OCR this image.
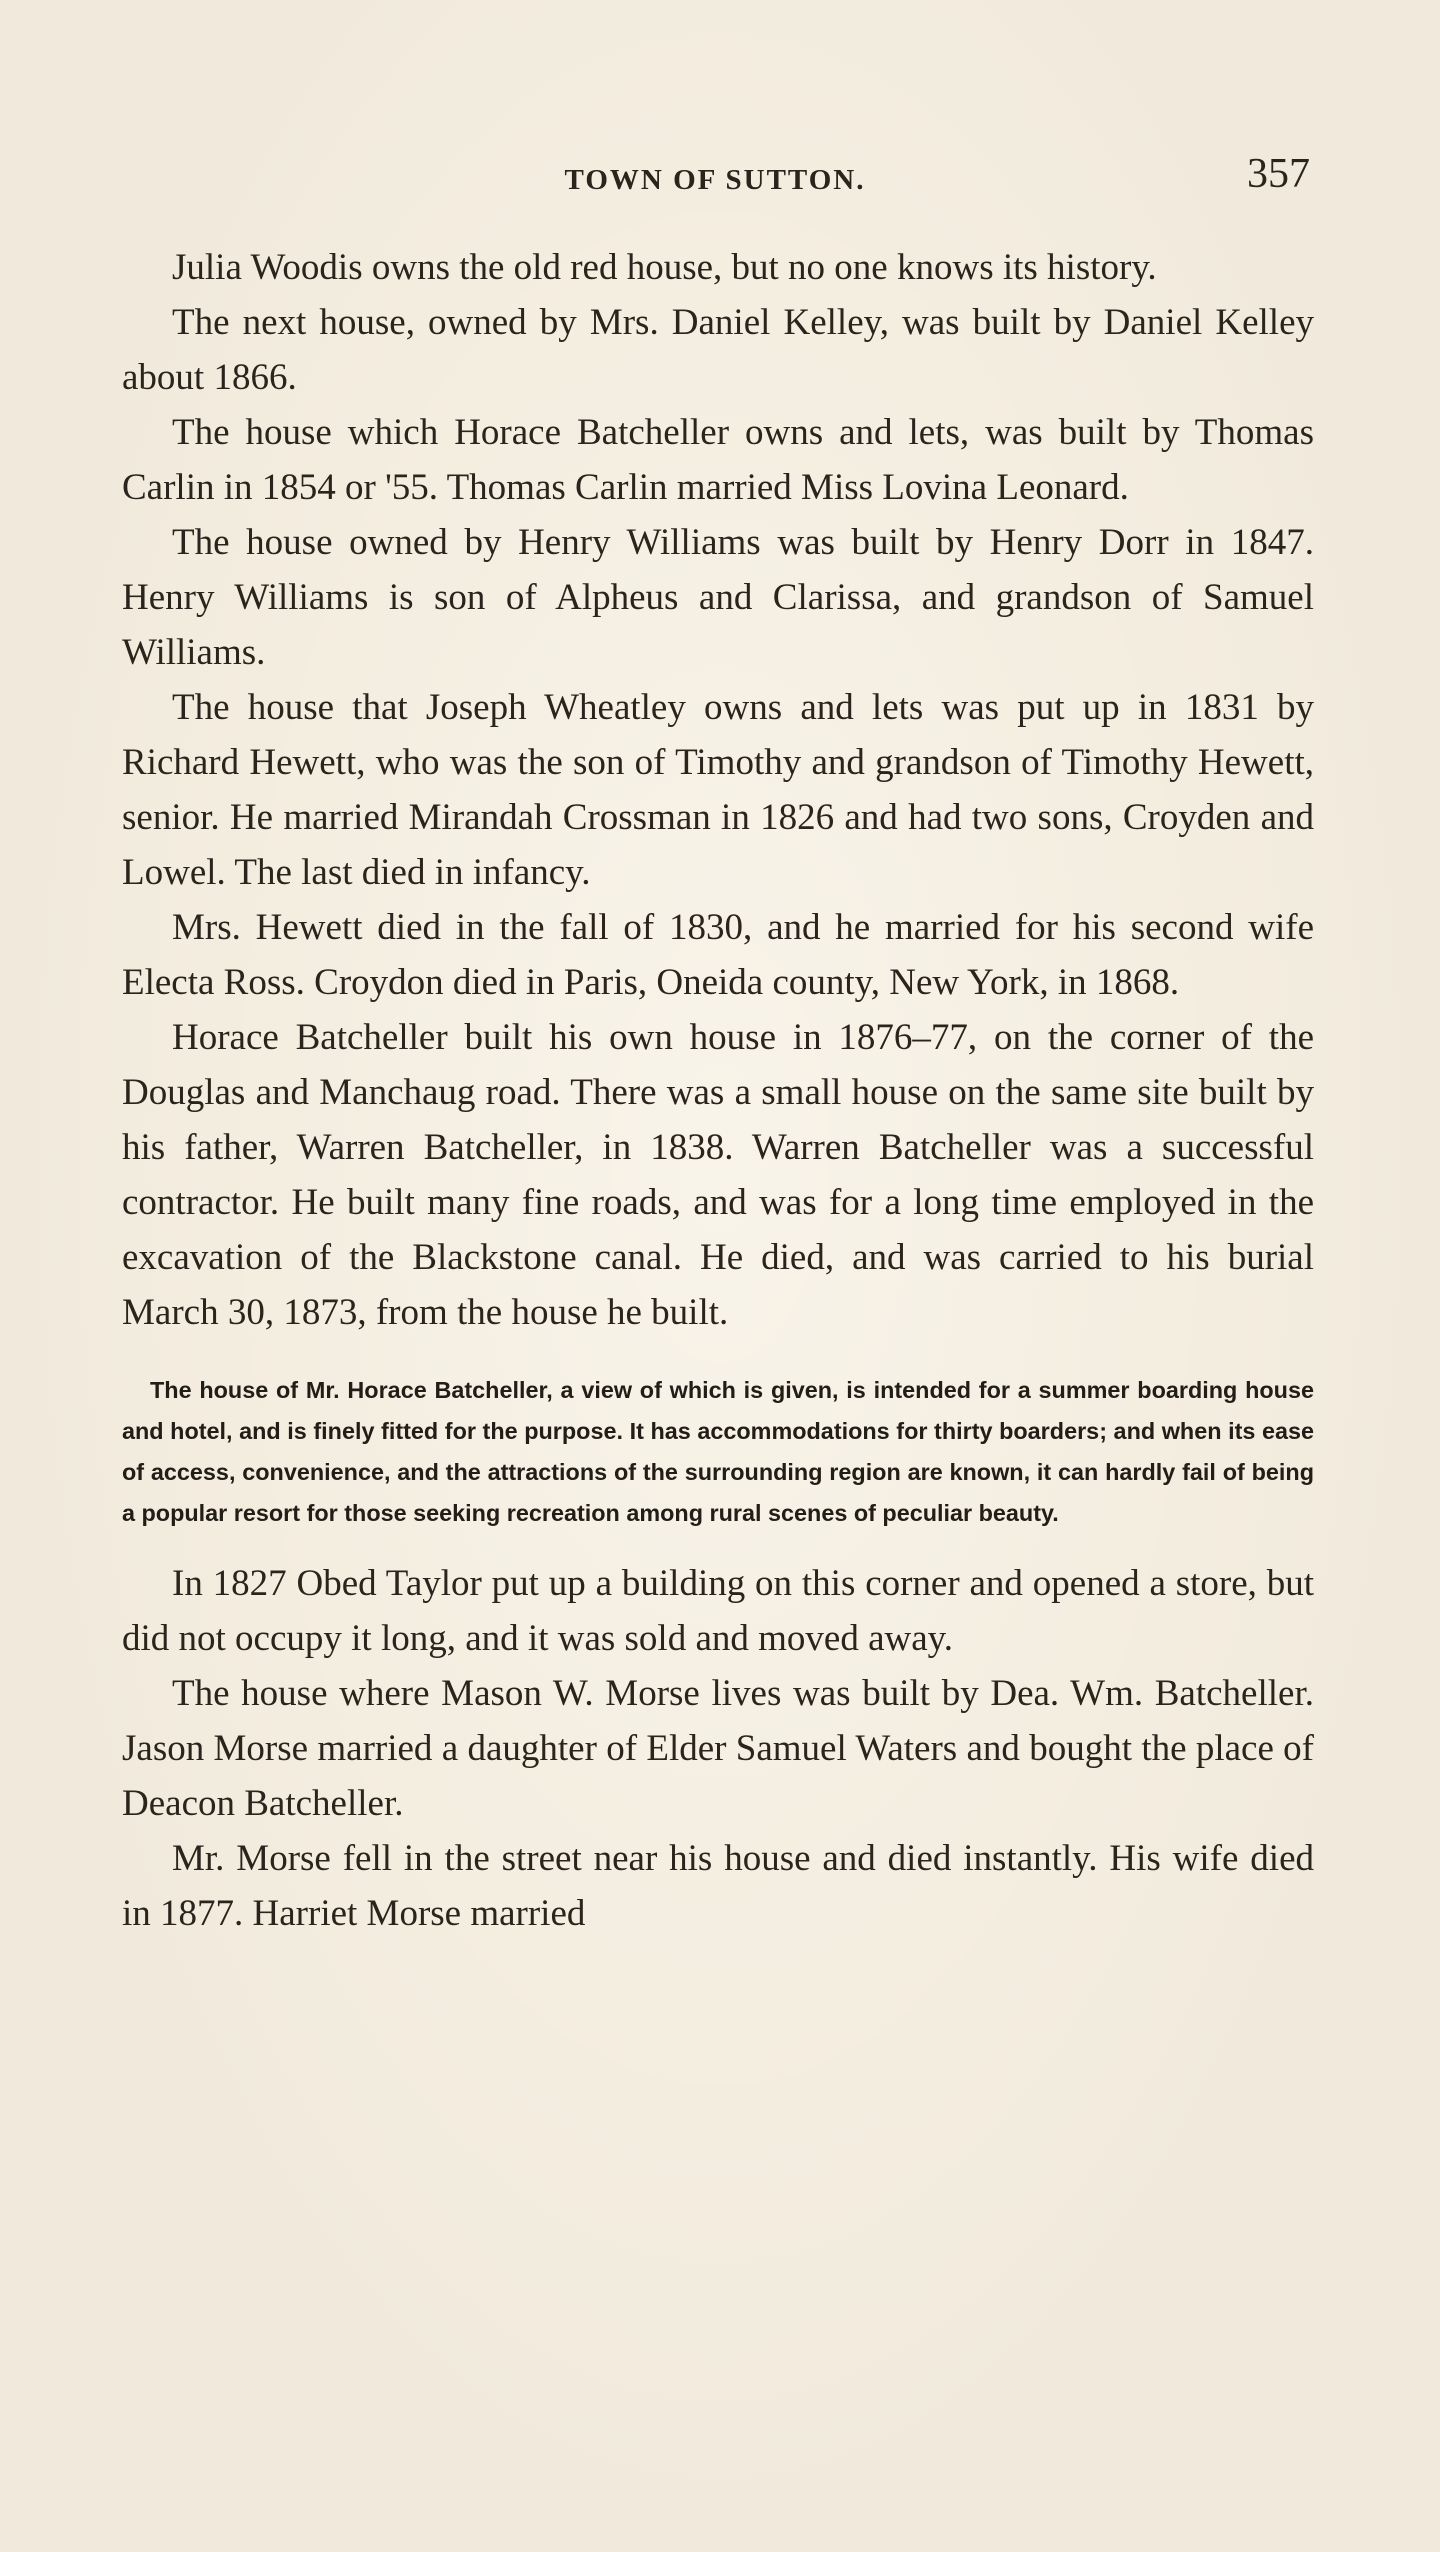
TOWN OF SUTTON.	357

Julia Woodis owns the old red house, but no one knows its history.

The next house, owned by Mrs. Daniel Kelley, was built by Daniel Kelley about 1866.

The house which Horace Batcheller owns and lets, was built by Thomas Carlin in 1854 or '55. Thomas Carlin married Miss Lovina Leonard.

The house owned by Henry Williams was built by Henry Dorr in 1847. Henry Williams is son of Alpheus and Clarissa, and grandson of Samuel Williams.

The house that Joseph Wheatley owns and lets was put up in 1831 by Richard Hewett, who was the son of Timothy and grandson of Timothy Hewett, senior. He married Mirandah Crossman in 1826 and had two sons, Croyden and Lowel. The last died in infancy.

Mrs. Hewett died in the fall of 1830, and he married for his second wife Electa Ross. Croydon died in Paris, Oneida county, New York, in 1868.

Horace Batcheller built his own house in 1876–77, on the corner of the Douglas and Manchaug road. There was a small house on the same site built by his father, Warren Batcheller, in 1838. Warren Batcheller was a successful contractor. He built many fine roads, and was for a long time employed in the excavation of the Blackstone canal. He died, and was carried to his burial March 30, 1873, from the house he built.

The house of Mr. Horace Batcheller, a view of which is given, is intended for a summer boarding house and hotel, and is finely fitted for the purpose. It has accommodations for thirty boarders; and when its ease of access, convenience, and the attractions of the surrounding region are known, it can hardly fail of being a popular resort for those seeking recreation among rural scenes of peculiar beauty.

In 1827 Obed Taylor put up a building on this corner and opened a store, but did not occupy it long, and it was sold and moved away.

The house where Mason W. Morse lives was built by Dea. Wm. Batcheller. Jason Morse married a daughter of Elder Samuel Waters and bought the place of Deacon Batcheller.

Mr. Morse fell in the street near his house and died instantly. His wife died in 1877. Harriet Morse married
